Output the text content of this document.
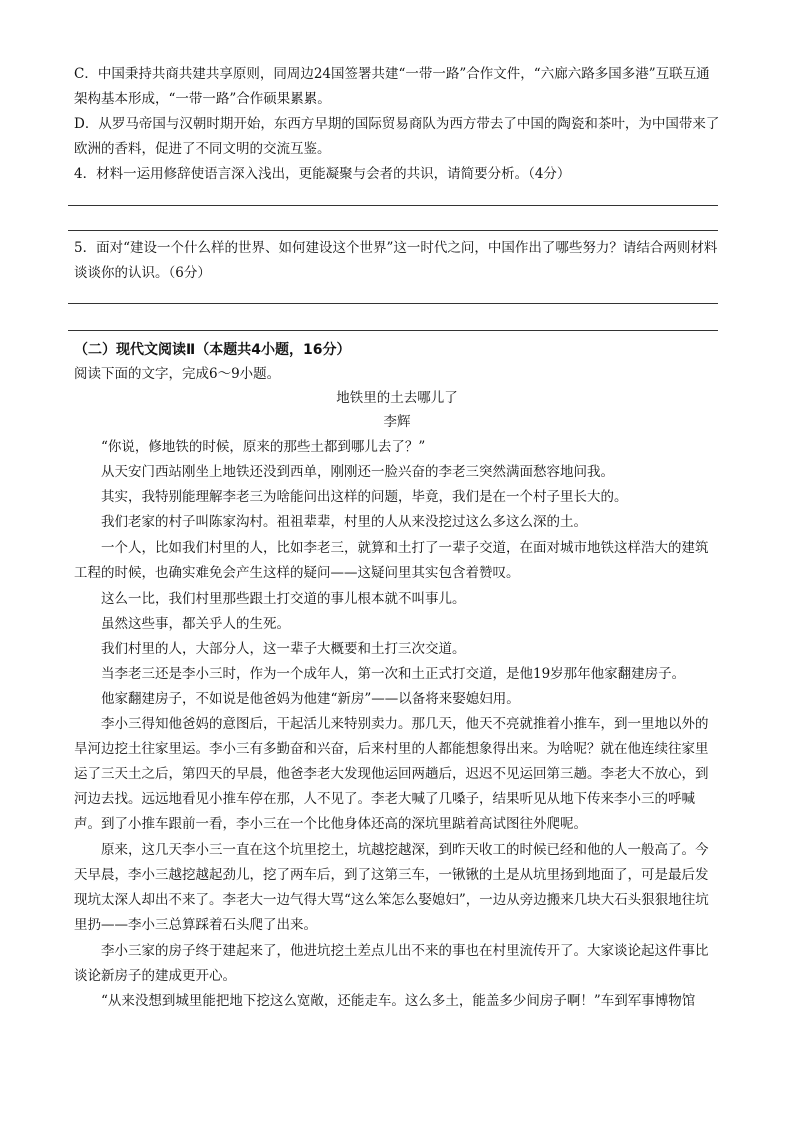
C．中国秉持共商共建共享原则，同周边24国签署共建“一带一路”合作文件，“六廊六路多国多港”互联互通架构基本形成，“一带一路”合作硕果累累。

D．从罗马帝国与汉朝时期开始，东西方早期的国际贸易商队为西方带去了中国的陶瓷和茶叶，为中国带来了欧洲的香料，促进了不同文明的交流互鉴。

4．材料一运用修辞使语言深入浅出，更能凝聚与会者的共识，请简要分析。（4分）

5．面对“建设一个什么样的世界、如何建设这个世界”这一时代之问，中国作出了哪些努力？请结合两则材料谈谈你的认识。（6分）

（二）现代文阅读Ⅱ（本题共4小题，16分）

阅读下面的文字，完成6～9小题。

地铁里的土去哪儿了

李辉

“你说，修地铁的时候，原来的那些土都到哪儿去了？”

从天安门西站刚坐上地铁还没到西单，刚刚还一脸兴奋的李老三突然满面愁容地问我。

其实，我特别能理解李老三为啥能问出这样的问题，毕竟，我们是在一个村子里长大的。

我们老家的村子叫陈家沟村。祖祖辈辈，村里的人从来没挖过这么多这么深的土。

一个人，比如我们村里的人，比如李老三，就算和土打了一辈子交道，在面对城市地铁这样浩大的建筑工程的时候，也确实难免会产生这样的疑问——这疑问里其实包含着赞叹。

这么一比，我们村里那些跟土打交道的事儿根本就不叫事儿。

虽然这些事，都关乎人的生死。

我们村里的人，大部分人，这一辈子大概要和土打三次交道。

当李老三还是李小三时，作为一个成年人，第一次和土正式打交道，是他19岁那年他家翻建房子。

他家翻建房子，不如说是他爸妈为他建“新房”——以备将来娶媳妇用。

李小三得知他爸妈的意图后，干起活儿来特别卖力。那几天，他天不亮就推着小推车，到一里地以外的旱河边挖土往家里运。李小三有多勤奋和兴奋，后来村里的人都能想象得出来。为啥呢？就在他连续往家里运了三天土之后，第四天的早晨，他爸李老大发现他运回两趟后，迟迟不见运回第三趟。李老大不放心，到河边去找。远远地看见小推车停在那，人不见了。李老大喊了几嗓子，结果听见从地下传来李小三的呼喊声。到了小推车跟前一看，李小三在一个比他身体还高的深坑里踮着高试图往外爬呢。

原来，这几天李小三一直在这个坑里挖土，坑越挖越深，到昨天收工的时候已经和他的人一般高了。今天早晨，李小三越挖越起劲儿，挖了两车后，到了这第三车，一锹锹的土是从坑里扬到地面了，可是最后发现坑太深人却出不来了。李老大一边气得大骂“这么笨怎么娶媳妇”，一边从旁边搬来几块大石头狠狠地往坑里扔——李小三总算踩着石头爬了出来。

李小三家的房子终于建起来了，他进坑挖土差点儿出不来的事也在村里流传开了。大家谈论起这件事比谈论新房子的建成更开心。

“从来没想到城里能把地下挖这么宽敞，还能走车。这么多土，能盖多少间房子啊！”车到军事博物馆
